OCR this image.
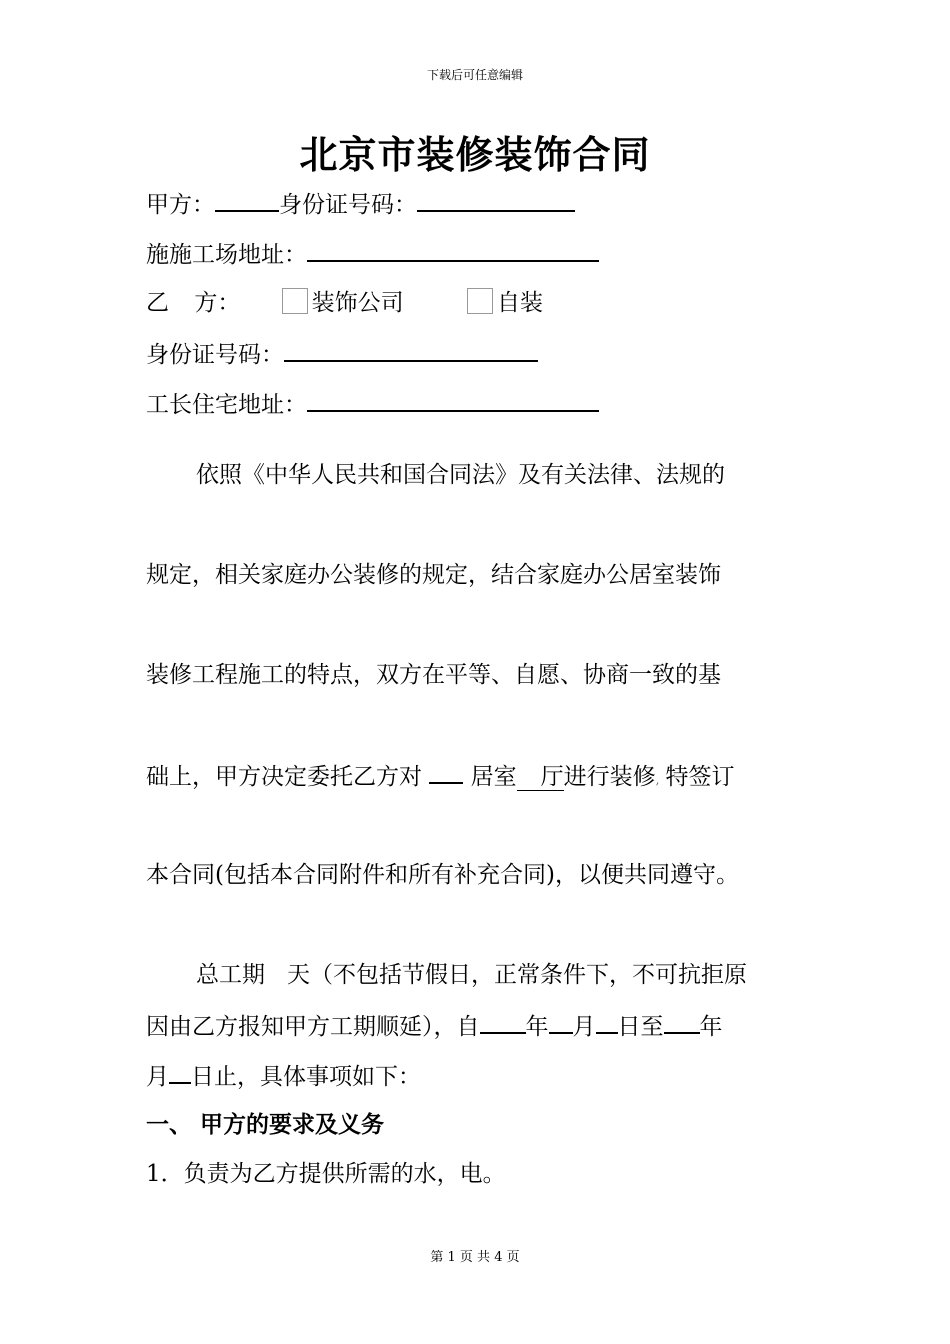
下载后可任意编辑
北京市装修装饰合同
甲方：	身份证号码：
施施工场地址：
乙 方：	装饰公司	自装
身份证号码：
工长住宅地址：
依照《中华人民共和国合同法》及有关法律、法规的
规定，相关家庭办公装修的规定，结合家庭办公居室装饰
装修工程施工的特点，双方在平等、自愿、协商一致的基
础上，甲方决定委托乙方对 居室 厅进行装修, 特签订
本合同(包括本合同附件和所有补充合同)，以便共同遵守。
总工期 天（不包括节假日，正常条件下，不可抗拒原
因由乙方报知甲方工期顺延），自 年 月 日至 年
月 日止，具体事项如下：
一、 甲方的要求及义务
1．负责为乙方提供所需的水，电。
第 1 页 共 4 页
